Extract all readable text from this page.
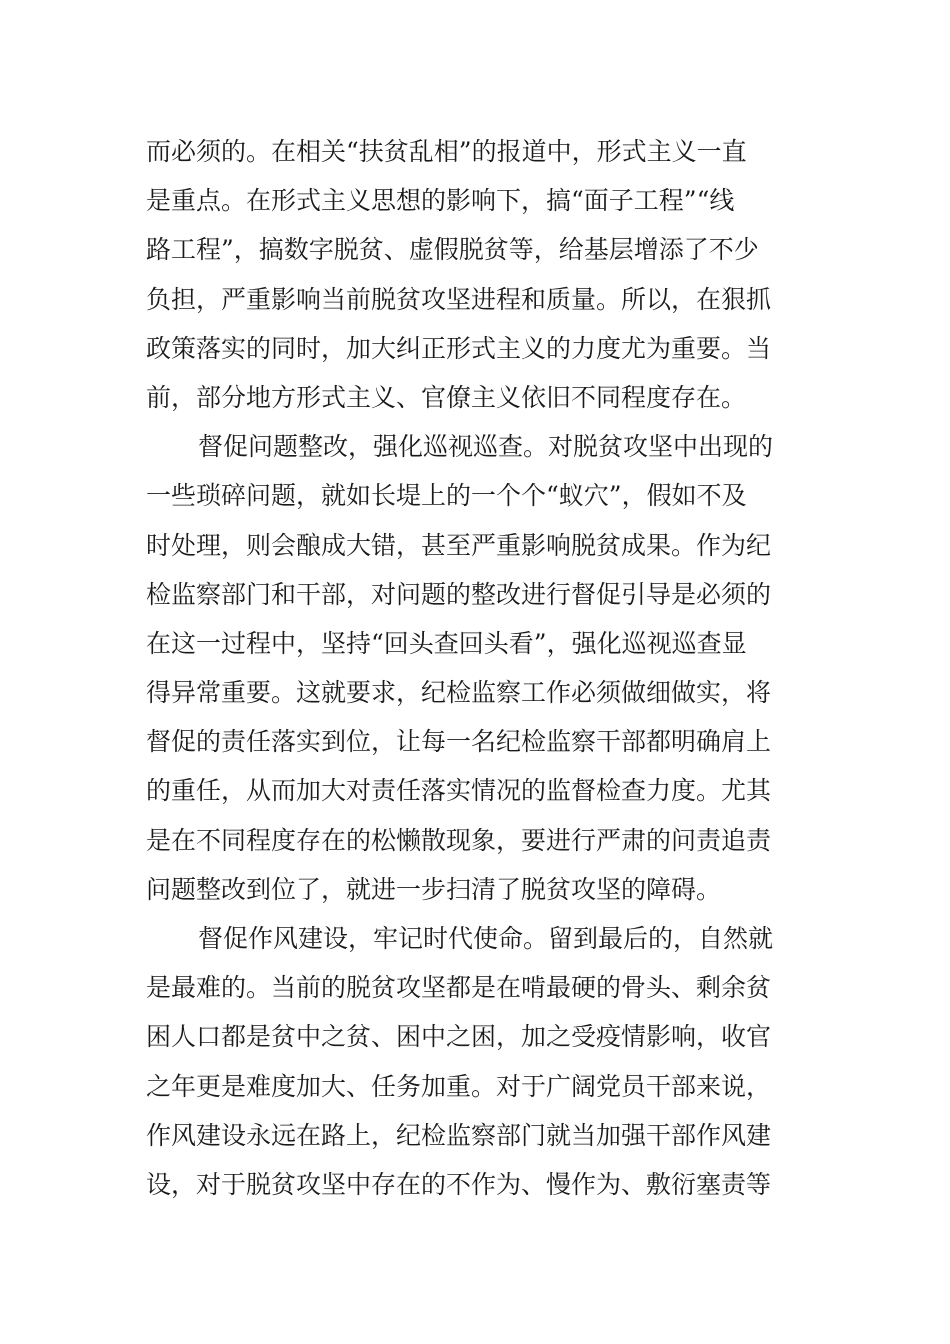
而必须的。在相关“扶贫乱相”的报道中，形式主义一直
是重点。在形式主义思想的影响下，搞“面子工程”“线
路工程”，搞数字脱贫、虚假脱贫等，给基层增添了不少
负担，严重影响当前脱贫攻坚进程和质量。所以，在狠抓
政策落实的同时，加大纠正形式主义的力度尤为重要。当
前，部分地方形式主义、官僚主义依旧不同程度存在。
督促问题整改，强化巡视巡查。对脱贫攻坚中出现的
一些琐碎问题，就如长堤上的一个个“蚁穴”，假如不及
时处理，则会酿成大错，甚至严重影响脱贫成果。作为纪
检监察部门和干部，对问题的整改进行督促引导是必须的
在这一过程中，坚持“回头查回头看”，强化巡视巡查显
得异常重要。这就要求，纪检监察工作必须做细做实，将
督促的责任落实到位，让每一名纪检监察干部都明确肩上
的重任，从而加大对责任落实情况的监督检查力度。尤其
是在不同程度存在的松懒散现象，要进行严肃的问责追责
问题整改到位了，就进一步扫清了脱贫攻坚的障碍。
督促作风建设，牢记时代使命。留到最后的，自然就
是最难的。当前的脱贫攻坚都是在啃最硬的骨头、剩余贫
困人口都是贫中之贫、困中之困，加之受疫情影响，收官
之年更是难度加大、任务加重。对于广阔党员干部来说，
作风建设永远在路上，纪检监察部门就当加强干部作风建
设，对于脱贫攻坚中存在的不作为、慢作为、敷衍塞责等
